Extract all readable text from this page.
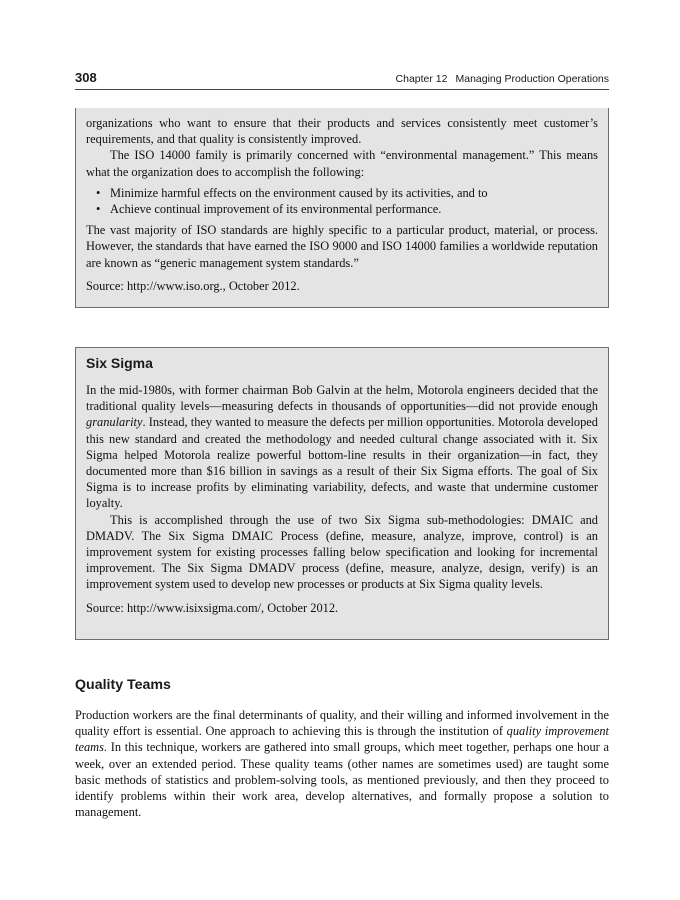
308	Chapter 12 Managing Production Operations

organizations who want to ensure that their products and services consistently meet customer’s requirements, and that quality is consistently improved.

The ISO 14000 family is primarily concerned with “environmental management.” This means what the organization does to accomplish the following:

• Minimize harmful effects on the environment caused by its activities, and to
• Achieve continual improvement of its environmental performance.

The vast majority of ISO standards are highly specific to a particular product, material, or process. However, the standards that have earned the ISO 9000 and ISO 14000 families a worldwide reputation are known as “generic management system standards.”

Source: http://www.iso.org., October 2012.

Six Sigma

In the mid-1980s, with former chairman Bob Galvin at the helm, Motorola engineers decided that the traditional quality levels—measuring defects in thousands of opportunities—did not provide enough granularity. Instead, they wanted to measure the defects per million opportunities. Motorola developed this new standard and created the methodology and needed cultural change associated with it. Six Sigma helped Motorola realize powerful bottom-line results in their organization—in fact, they documented more than $16 billion in savings as a result of their Six Sigma efforts. The goal of Six Sigma is to increase profits by eliminating variability, defects, and waste that undermine customer loyalty.

This is accomplished through the use of two Six Sigma sub-methodologies: DMAIC and DMADV. The Six Sigma DMAIC Process (define, measure, analyze, improve, control) is an improvement system for existing processes falling below specification and looking for incremental improvement. The Six Sigma DMADV process (define, measure, analyze, design, verify) is an improvement system used to develop new processes or products at Six Sigma quality levels.

Source: http://www.isixsigma.com/, October 2012.

Quality Teams

Production workers are the final determinants of quality, and their willing and informed involvement in the quality effort is essential. One approach to achieving this is through the institution of quality improvement teams. In this technique, workers are gathered into small groups, which meet together, perhaps one hour a week, over an extended period. These quality teams (other names are sometimes used) are taught some basic methods of statistics and problem-solving tools, as mentioned previously, and then they proceed to identify problems within their work area, develop alternatives, and formally propose a solution to management.
